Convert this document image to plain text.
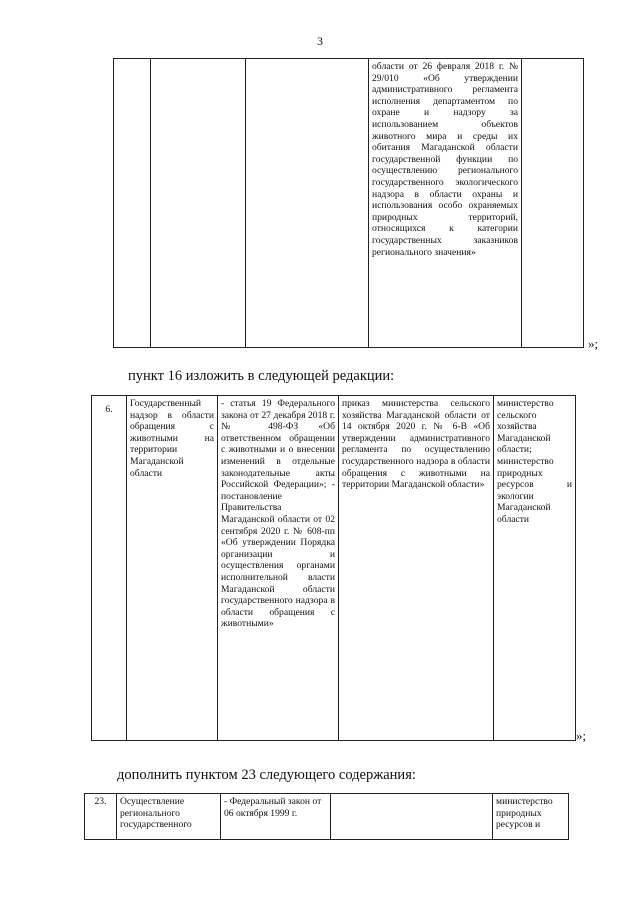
3
			области от 26 февраля 2018 г. № 29/010 «Об утверждении административного регламента исполнения департаментом по охране и надзору за использованием объектов животного мира и среды их обитания Магаданской области государственной функции по осуществлению регионального государственного экологического надзора в области охраны и использования особо охраняемых природных территорий, относящихся к категории государственных заказников регионального значения»	
»;
пункт 16 изложить в следующей редакции:
6.	Государственный надзор в области обращения с животными на территории Магаданской области	- статья 19 Федерального закона от 27 декабря 2018 г. № 498-ФЗ «Об ответственном обращении с животными и о внесении изменений в отдельные законодательные акты Российской Федерации»; - постановление Правительства Магаданской области от 02 сентября 2020 г. № 608-пп «Об утверждении Порядка организации и осуществления органами исполнительной власти Магаданской области государственного надзора в области обращения с животными»	приказ министерства сельского хозяйства Магаданской области от 14 октября 2020 г. № 6-В «Об утверждении административного регламента по осуществлению государственного надзора в области обращения с животными на территории Магаданской области»	министерство сельского хозяйства Магаданской области; министерство природных ресурсов и экологии Магаданской области
»;
дополнить пунктом 23 следующего содержания:
23.	Осуществление регионального государственного	- Федеральный закон от 06 октября 1999 г.		министерство природных ресурсов и
